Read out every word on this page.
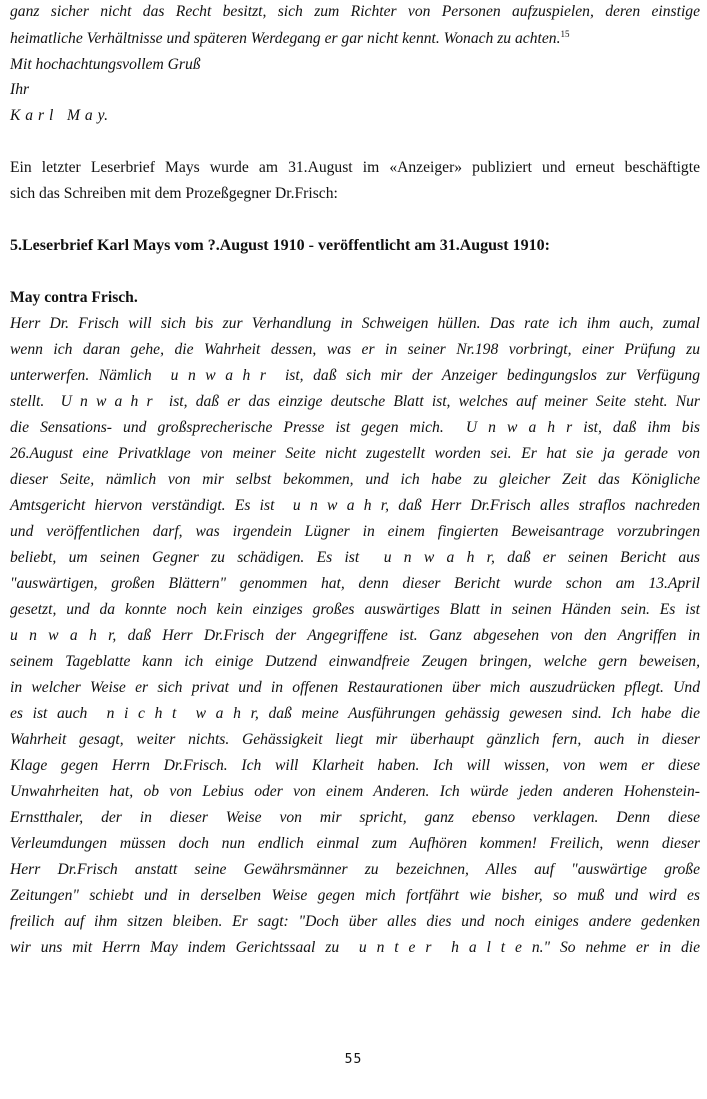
ganz sicher nicht das Recht besitzt, sich zum Richter von Personen aufzuspielen, deren einstige
heimatliche Verhältnisse und späteren Werdegang er gar nicht kennt. Wonach zu achten.$^{15}$
Mit hochachtungsvollem Gruß
Ihr
K a r l   M a y.
Ein letzter Leserbrief Mays wurde am 31.August im «Anzeiger» publiziert und erneut beschäftigte
sich das Schreiben mit dem Prozeßgegner Dr.Frisch:
5.Leserbrief Karl Mays vom ?.August 1910 - veröffentlicht am 31.August 1910:
May contra Frisch.
Herr Dr. Frisch will sich bis zur Verhandlung in Schweigen hüllen. Das rate ich ihm auch, zumal
wenn ich daran gehe, die Wahrheit dessen, was er in seiner Nr.198 vorbringt, einer Prüfung zu
unterwerfen. Nämlich  u n w a h r  ist, daß sich mir der Anzeiger bedingungslos zur Verfügung
stellt.  U n w a h r  ist, daß er das einzige deutsche Blatt ist, welches auf meiner Seite steht. Nur
die Sensations- und großsprecherische Presse ist gegen mich.  U n w a h r ist, daß ihm bis
26.August eine Privatklage von meiner Seite nicht zugestellt worden sei. Er hat sie ja gerade von
dieser Seite, nämlich von mir selbst bekommen, und ich habe zu gleicher Zeit das Königliche
Amtsgericht hiervon verständigt. Es ist  u n w a h r, daß Herr Dr.Frisch alles straflos nachreden
und veröffentlichen darf, was irgendein Lügner in einem fingierten Beweisantrage vorzubringen
beliebt, um seinen Gegner zu schädigen. Es ist  u n w a h r, daß er seinen Bericht aus
"auswärtigen, großen Blättern" genommen hat, denn dieser Bericht wurde schon am 13.April
gesetzt, und da konnte noch kein einziges großes auswärtiges Blatt in seinen Händen sein. Es ist
u n w a h r, daß Herr Dr.Frisch der Angegriffene ist. Ganz abgesehen von den Angriffen in
seinem Tageblatte kann ich einige Dutzend einwandfreie Zeugen bringen, welche gern beweisen,
in welcher Weise er sich privat und in offenen Restaurationen über mich auszudrücken pflegt. Und
es ist auch  n i c h t  w a h r, daß meine Ausführungen gehässig gewesen sind. Ich habe die
Wahrheit gesagt, weiter nichts. Gehässigkeit liegt mir überhaupt gänzlich fern, auch in dieser
Klage gegen Herrn Dr.Frisch. Ich will Klarheit haben. Ich will wissen, von wem er diese
Unwahrheiten hat, ob von Lebius oder von einem Anderen. Ich würde jeden anderen Hohenstein-
Ernstthaler, der in dieser Weise von mir spricht, ganz ebenso verklagen. Denn diese
Verleumdungen müssen doch nun endlich einmal zum Aufhören kommen! Freilich, wenn dieser
Herr Dr.Frisch anstatt seine Gewährsmänner zu bezeichnen, Alles auf "auswärtige große
Zeitungen" schiebt und in derselben Weise gegen mich fortfährt wie bisher, so muß und wird es
freilich auf ihm sitzen bleiben. Er sagt: "Doch über alles dies und noch einiges andere gedenken
wir uns mit Herrn May indem Gerichtssaal zu  u n t e r  h a l t e n." So nehme er in die
55
